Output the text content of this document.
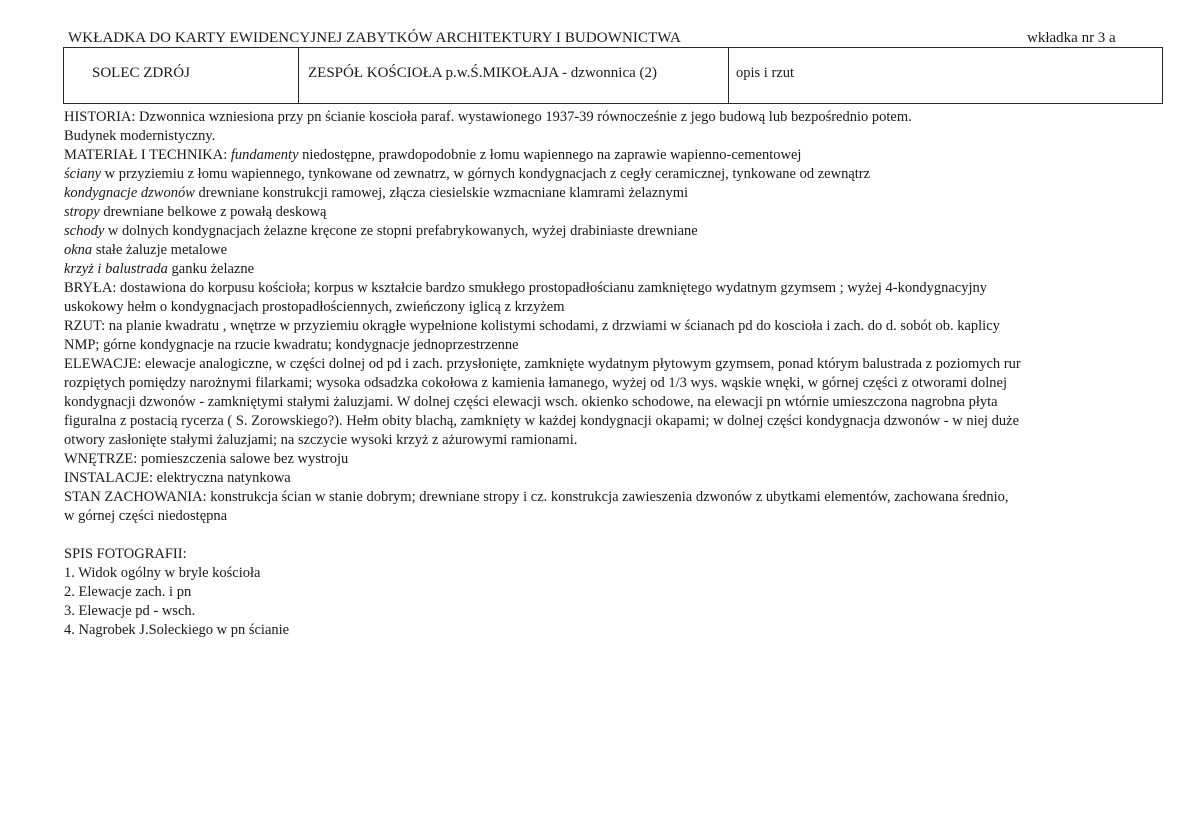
WKŁADKA DO KARTY EWIDENCYJNEJ ZABYTKÓW ARCHITEKTURY I BUDOWNICTWA	wkładka nr 3 a
SOLEC ZDRÓJ	ZESPÓŁ KOŚCIOŁA p.w.Ś.MIKOŁAJA - dzwonnica (2)	opis i rzut

HISTORIA: Dzwonnica wzniesiona przy pn ścianie koscioła paraf. wystawionego 1937-39 równocześnie z jego budową lub bezpośrednio potem.

Budynek modernistyczny.

MATERIAŁ I TECHNIKA: fundamenty niedostępne, prawdopodobnie z łomu wapiennego na zaprawie wapienno-cementowej

ściany w przyziemiu z łomu wapiennego, tynkowane od zewnatrz, w górnych kondygnacjach z cegły ceramicznej, tynkowane od zewnątrz

kondygnacje dzwonów drewniane konstrukcji ramowej, złącza ciesielskie wzmacniane klamrami żelaznymi

stropy drewniane belkowe z powałą deskową

schody w dolnych kondygnacjach żelazne kręcone ze stopni prefabrykowanych, wyżej drabiniaste drewniane

okna stałe żaluzje metalowe

krzyż i balustrada ganku żelazne

BRYŁA: dostawiona do korpusu kościoła; korpus w kształcie bardzo smukłego prostopadłościanu zamkniętego wydatnym gzymsem ; wyżej 4-kondygnacyjny

uskokowy hełm o kondygnacjach prostopadłościennych, zwieńczony iglicą z krzyżem

RZUT: na planie kwadratu , wnętrze w przyziemiu okrągłe wypełnione kolistymi schodami, z drzwiami w ścianach pd do koscioła i zach. do d. sobót ob. kaplicy

NMP; górne kondygnacje na rzucie kwadratu; kondygnacje jednoprzestrzenne

ELEWACJE: elewacje analogiczne, w części dolnej od pd i zach. przysłonięte, zamknięte wydatnym płytowym gzymsem, ponad którym balustrada z poziomych rur

rozpiętych pomiędzy narożnymi filarkami; wysoka odsadzka cokołowa z kamienia łamanego, wyżej od 1/3 wys. wąskie wnęki, w górnej części z otworami dolnej

kondygnacji dzwonów - zamkniętymi stałymi żaluzjami. W dolnej części elewacji wsch. okienko schodowe, na elewacji pn wtórnie umieszczona nagrobna płyta

figuralna z postacią rycerza ( S. Zorowskiego?). Hełm obity blachą, zamknięty w każdej kondygnacji okapami; w dolnej części kondygnacja dzwonów - w niej duże

otwory zasłonięte stałymi żaluzjami; na szczycie wysoki krzyż z ażurowymi ramionami.

WNĘTRZE: pomieszczenia salowe bez wystroju

INSTALACJE: elektryczna natynkowa

STAN ZACHOWANIA: konstrukcja ścian w stanie dobrym; drewniane stropy i cz. konstrukcja zawieszenia dzwonów z ubytkami elementów, zachowana średnio,

w górnej części niedostępna

SPIS FOTOGRAFII:

1. Widok ogólny w bryle kościoła

2. Elewacje zach. i pn

3. Elewacje pd - wsch.

4. Nagrobek J.Soleckiego w pn ścianie
